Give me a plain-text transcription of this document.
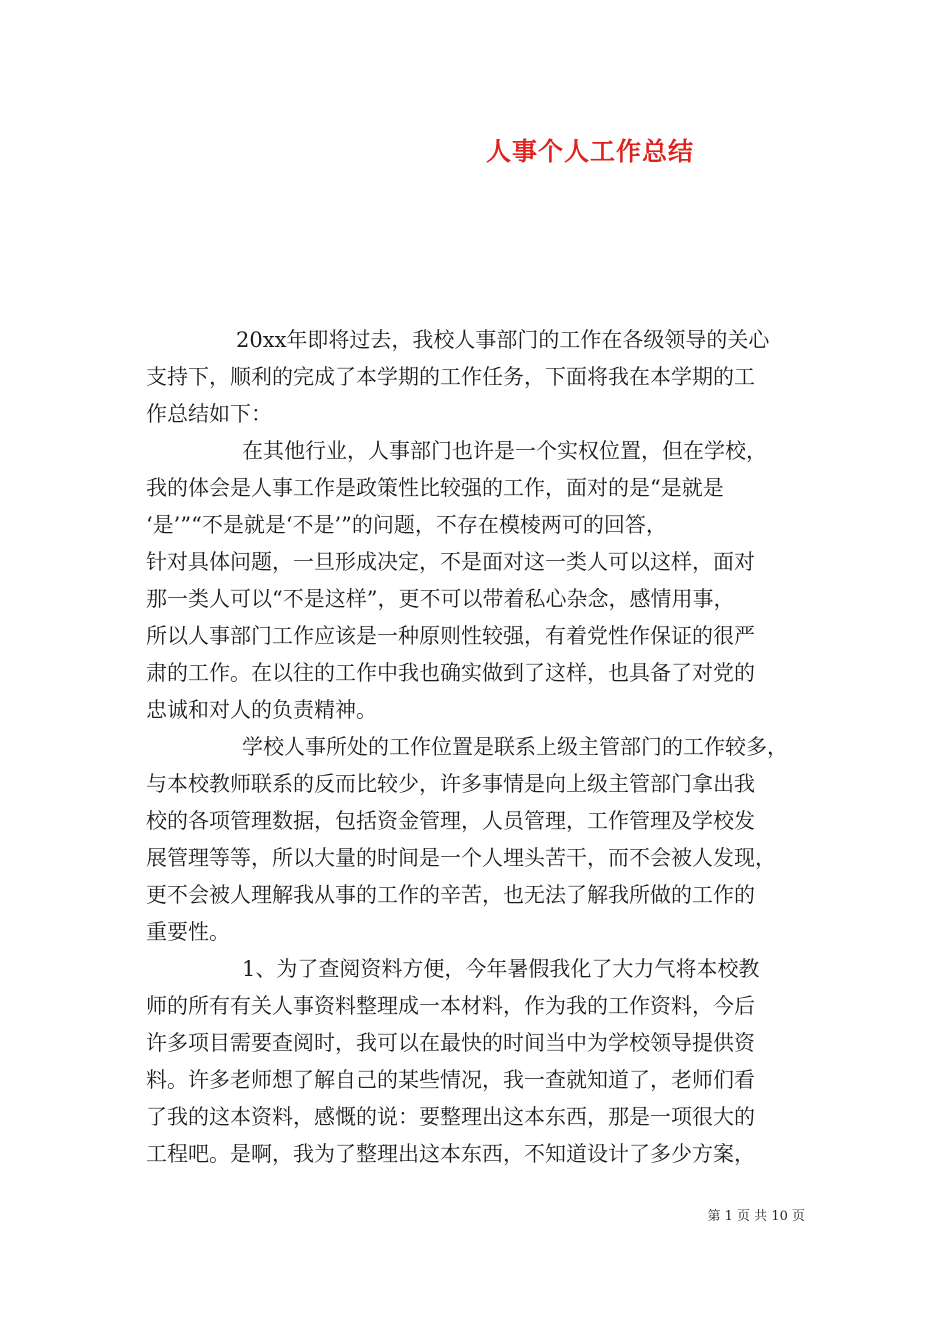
人事个人工作总结
20xx年即将过去，我校人事部门的工作在各级领导的关心
支持下，顺利的完成了本学期的工作任务，下面将我在本学期的工
作总结如下：
在其他行业，人事部门也许是一个实权位置，但在学校，
我的体会是人事工作是政策性比较强的工作，面对的是“是就是
‘是’”“不是就是‘不是’”的问题，不存在模棱两可的回答，
针对具体问题，一旦形成决定，不是面对这一类人可以这样，面对
那一类人可以“不是这样”，更不可以带着私心杂念，感情用事，
所以人事部门工作应该是一种原则性较强，有着党性作保证的很严
肃的工作。在以往的工作中我也确实做到了这样，也具备了对党的
忠诚和对人的负责精神。
学校人事所处的工作位置是联系上级主管部门的工作较多，
与本校教师联系的反而比较少，许多事情是向上级主管部门拿出我
校的各项管理数据，包括资金管理，人员管理，工作管理及学校发
展管理等等，所以大量的时间是一个人埋头苦干，而不会被人发现，
更不会被人理解我从事的工作的辛苦，也无法了解我所做的工作的
重要性。
1、为了查阅资料方便，今年暑假我化了大力气将本校教
师的所有有关人事资料整理成一本材料，作为我的工作资料，今后
许多项目需要查阅时，我可以在最快的时间当中为学校领导提供资
料。许多老师想了解自己的某些情况，我一查就知道了，老师们看
了我的这本资料，感慨的说：要整理出这本东西，那是一项很大的
工程吧。是啊，我为了整理出这本东西，不知道设计了多少方案，
第 1 页 共 10 页
